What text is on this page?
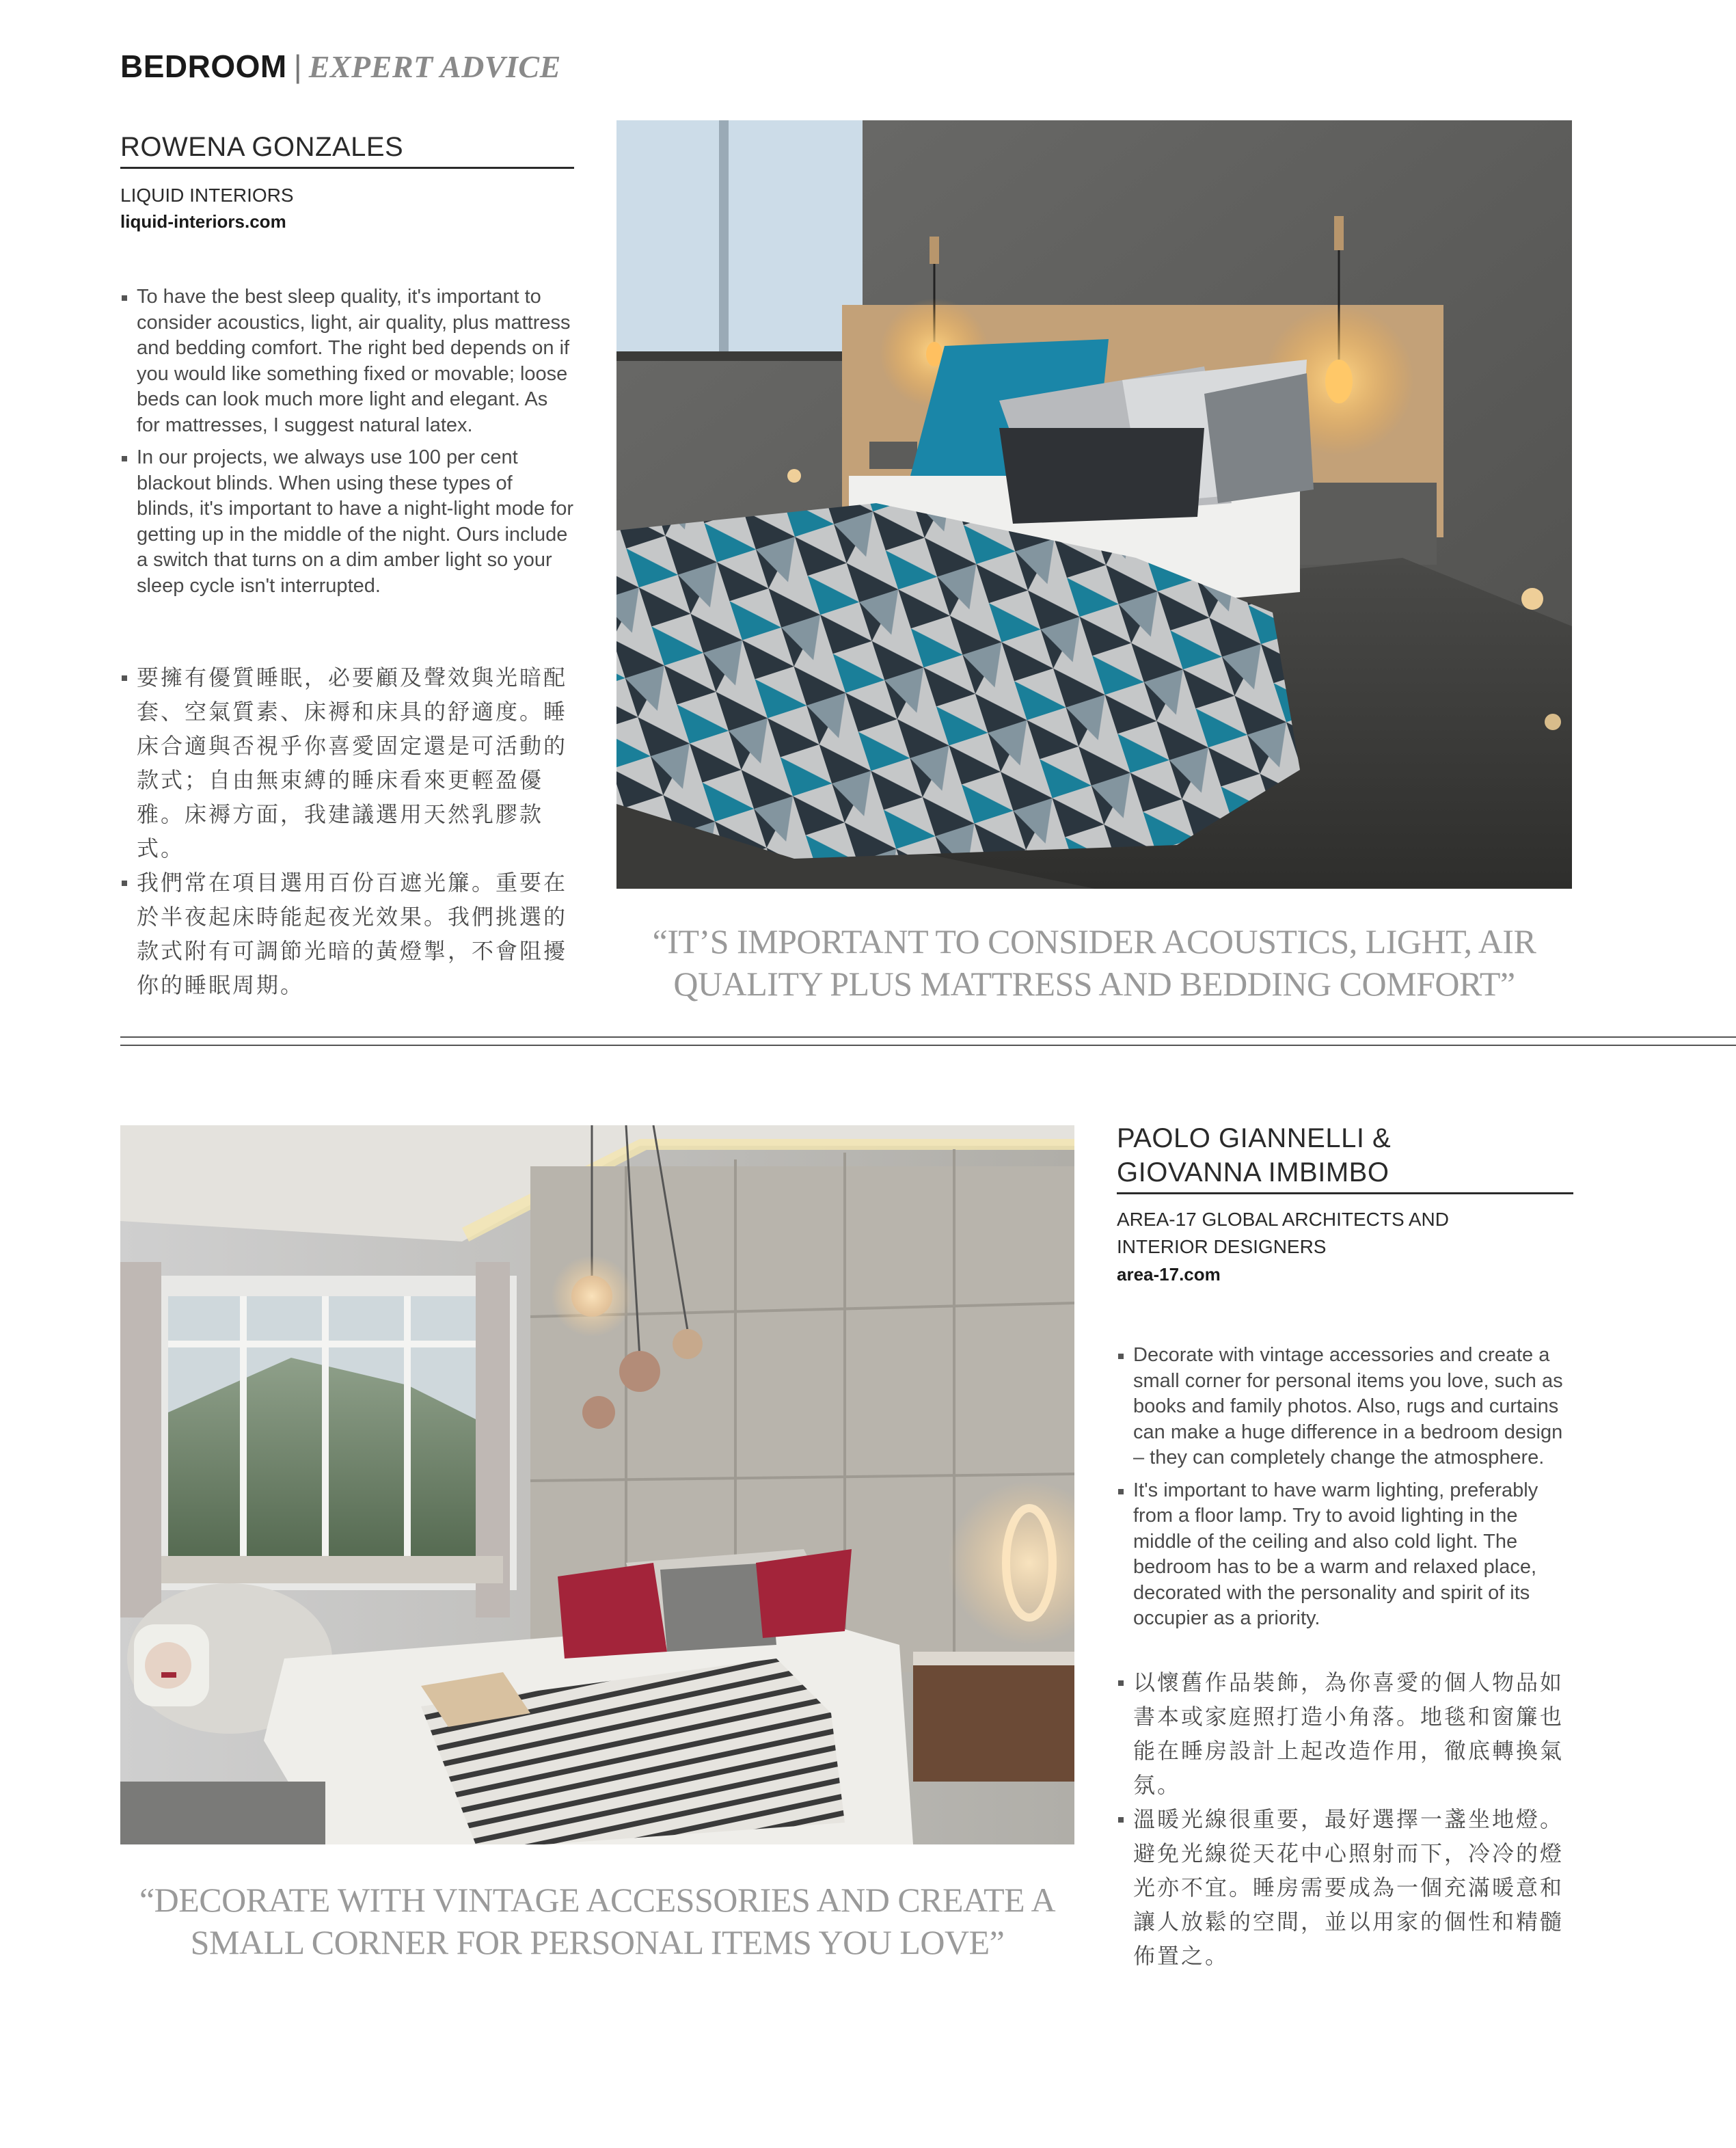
BEDROOM | EXPERT ADVICE
ROWENA GONZALES
LIQUID INTERIORS
liquid-interiors.com
To have the best sleep quality, it's important to consider acoustics, light, air quality, plus mattress and bedding comfort. The right bed depends on if you would like something fixed or movable; loose beds can look much more light and elegant. As for mattresses, I suggest natural latex.
In our projects, we always use 100 per cent blackout blinds. When using these types of blinds, it's important to have a night-light mode for getting up in the middle of the night. Ours include a switch that turns on a dim amber light so your sleep cycle isn't interrupted.
要擁有優質睡眠，必要顧及聲效與光暗配套、空氣質素、床褥和床具的舒適度。睡床合適與否視乎你喜愛固定還是可活動的款式；自由無束縛的睡床看來更輕盈優雅。床褥方面，我建議選用天然乳膠款式。
我們常在項目選用百份百遮光簾。重要在於半夜起床時能起夜光效果。我們挑選的款式附有可調節光暗的黃燈掣，不會阻擾你的睡眠周期。
“IT’S IMPORTANT TO CONSIDER ACOUSTICS, LIGHT, AIR QUALITY PLUS MATTRESS AND BEDDING COMFORT”
“DECORATE WITH VINTAGE ACCESSORIES AND CREATE A SMALL CORNER FOR PERSONAL ITEMS YOU LOVE”
PAOLO GIANNELLI &
GIOVANNA IMBIMBO
AREA-17 GLOBAL ARCHITECTS AND
INTERIOR DESIGNERS
area-17.com
Decorate with vintage accessories and create a small corner for personal items you love, such as books and family photos. Also, rugs and curtains can make a huge difference in a bedroom design – they can completely change the atmosphere.
It's important to have warm lighting, preferably from a floor lamp. Try to avoid lighting in the middle of the ceiling and also cold light. The bedroom has to be a warm and relaxed place, decorated with the personality and spirit of its occupier as a priority.
以懷舊作品裝飾，為你喜愛的個人物品如書本或家庭照打造小角落。地毯和窗簾也能在睡房設計上起改造作用，徹底轉換氣氛。
溫暖光線很重要，最好選擇一盞坐地燈。避免光線從天花中心照射而下，冷冷的燈光亦不宜。睡房需要成為一個充滿暖意和讓人放鬆的空間，並以用家的個性和精髓佈置之。
